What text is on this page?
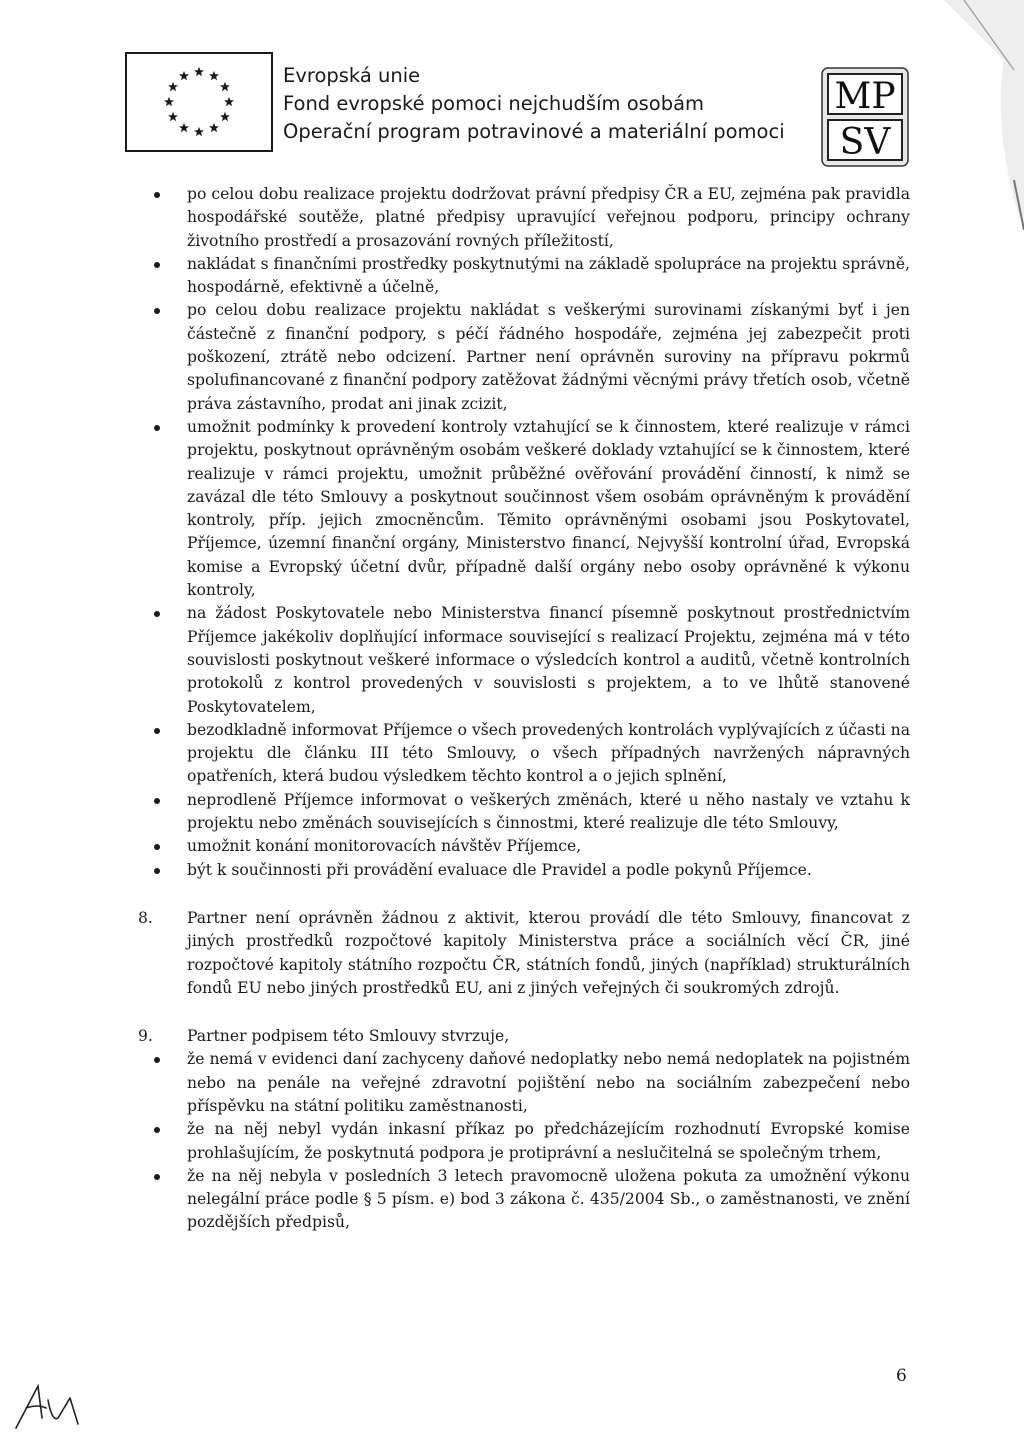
Evropská unie
Fond evropské pomoci nejchudším osobám
Operační program potravinové a materiální pomoci
MP
SV
po celou dobu realizace projektu dodržovat právní předpisy ČR a EU, zejména pak pravidla hospodářské soutěže, platné předpisy upravující veřejnou podporu, principy ochrany životního prostředí a prosazování rovných příležitostí,
nakládat s finančními prostředky poskytnutými na základě spolupráce na projektu správně, hospodárně, efektivně a účelně,
po celou dobu realizace projektu nakládat s veškerými surovinami získanými byť i jen částečně z finanční podpory, s péčí řádného hospodáře, zejména jej zabezpečit proti poškození, ztrátě nebo odcizení. Partner není oprávněn suroviny na přípravu pokrmů spolufinancované z finanční podpory zatěžovat žádnými věcnými právy třetích osob, včetně práva zástavního, prodat ani jinak zcizit,
umožnit podmínky k provedení kontroly vztahující se k činnostem, které realizuje v rámci projektu, poskytnout oprávněným osobám veškeré doklady vztahující se k činnostem, které realizuje v rámci projektu, umožnit průběžné ověřování provádění činností, k nimž se zavázal dle této Smlouvy a poskytnout součinnost všem osobám oprávněným k provádění kontroly, příp. jejich zmocněncům. Těmito oprávněnými osobami jsou Poskytovatel, Příjemce, územní finanční orgány, Ministerstvo financí, Nejvyšší kontrolní úřad, Evropská komise a Evropský účetní dvůr, případně další orgány nebo osoby oprávněné k výkonu kontroly,
na žádost Poskytovatele nebo Ministerstva financí písemně poskytnout prostřednictvím Příjemce jakékoliv doplňující informace související s realizací Projektu, zejména má v této souvislosti poskytnout veškeré informace o výsledcích kontrol a auditů, včetně kontrolních protokolů z kontrol provedených v souvislosti s projektem, a to ve lhůtě stanovené Poskytovatelem,
bezodkladně informovat Příjemce o všech provedených kontrolách vyplývajících z účasti na projektu dle článku III této Smlouvy, o všech případných navržených nápravných opatřeních, která budou výsledkem těchto kontrol a o jejich splnění,
neprodleně Příjemce informovat o veškerých změnách, které u něho nastaly ve vztahu k projektu nebo změnách souvisejících s činnostmi, které realizuje dle této Smlouvy,
umožnit konání monitorovacích návštěv Příjemce,
být k součinnosti při provádění evaluace dle Pravidel a podle pokynů Příjemce.
8. Partner není oprávněn žádnou z aktivit, kterou provádí dle této Smlouvy, financovat z jiných prostředků rozpočtové kapitoly Ministerstva práce a sociálních věcí ČR, jiné rozpočtové kapitoly státního rozpočtu ČR, státních fondů, jiných (například) strukturálních fondů EU nebo jiných prostředků EU, ani z jiných veřejných či soukromých zdrojů.

9. Partner podpisem této Smlouvy stvrzuje,

že nemá v evidenci daní zachyceny daňové nedoplatky nebo nemá nedoplatek na pojistném nebo na penále na veřejné zdravotní pojištění nebo na sociálním zabezpečení nebo příspěvku na státní politiku zaměstnanosti,
že na něj nebyl vydán inkasní příkaz po předcházejícím rozhodnutí Evropské komise prohlašujícím, že poskytnutá podpora je protiprávní a neslučitelná se společným trhem,
že na něj nebyla v posledních 3 letech pravomocně uložena pokuta za umožnění výkonu nelegální práce podle § 5 písm. e) bod 3 zákona č. 435/2004 Sb., o zaměstnanosti, ve znění pozdějších předpisů,
6
